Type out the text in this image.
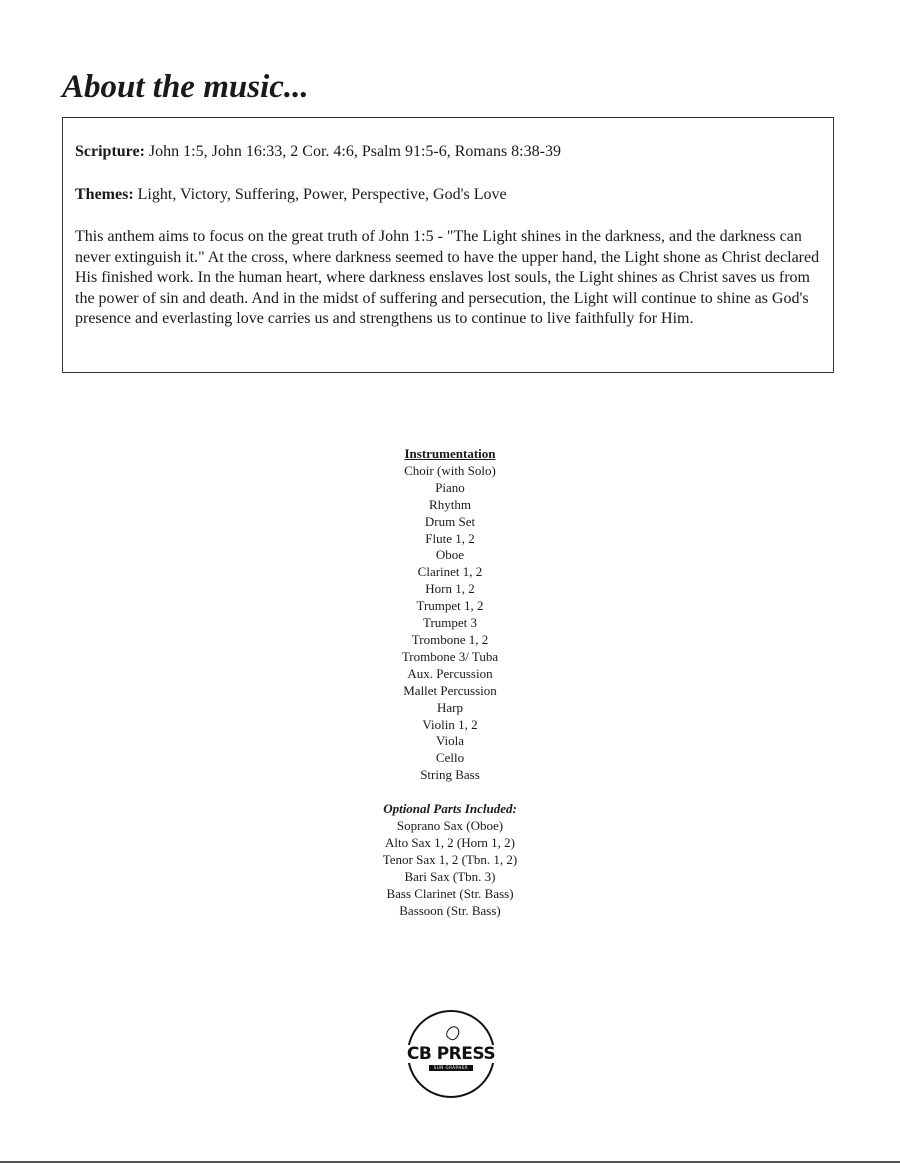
About the music...

Scripture: John 1:5, John 16:33, 2 Cor. 4:6, Psalm 91:5-6, Romans 8:38-39

Themes: Light, Victory, Suffering, Power, Perspective, God's Love

This anthem aims to focus on the great truth of John 1:5 - "The Light shines in the darkness, and the darkness can never extinguish it." At the cross, where darkness seemed to have the upper hand, the Light shone as Christ declared His finished work. In the human heart, where darkness enslaves lost souls, the Light shines as Christ saves us from the power of sin and death. And in the midst of suffering and persecution, the Light will continue to shine as God's presence and everlasting love carries us and strengthens us to continue to live faithfully for Him.

Instrumentation
Choir (with Solo)
Piano
Rhythm
Drum Set
Flute 1, 2
Oboe
Clarinet 1, 2
Horn 1, 2
Trumpet 1, 2
Trumpet 3
Trombone 1, 2
Trombone 3/ Tuba
Aux. Percussion
Mallet Percussion
Harp
Violin 1, 2
Viola
Cello
String Bass
Optional Parts Included:
Soprano Sax (Oboe)
Alto Sax 1, 2 (Horn 1, 2)
Tenor Sax 1, 2 (Tbn. 1, 2)
Bari Sax (Tbn. 3)
Bass Clarinet (Str. Bass)
Bassoon (Str. Bass)
CB PRESS
SUN GRAPHER
